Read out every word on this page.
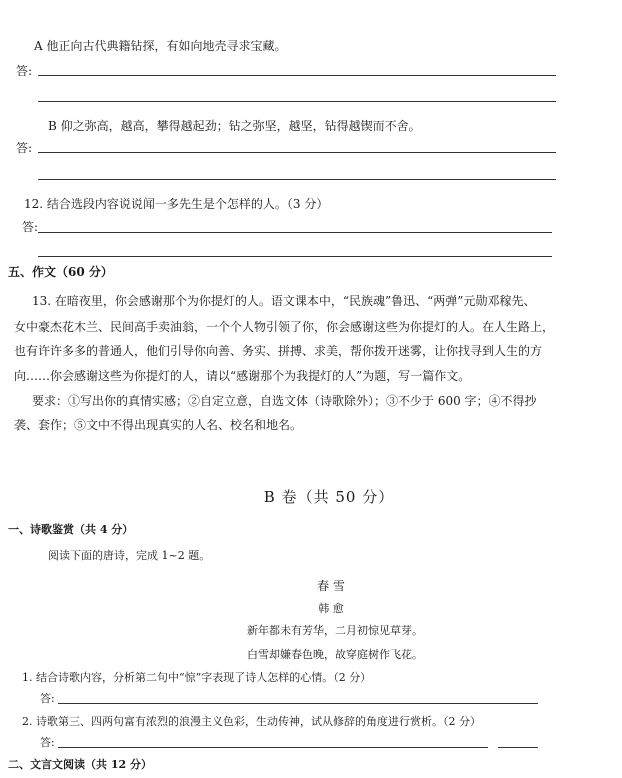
A 他正向古代典籍钻探，有如向地壳寻求宝藏。
答:
B 仰之弥高，越高，攀得越起劲；钻之弥坚，越坚，钻得越锲而不舍。
答:
12. 结合选段内容说说闻一多先生是个怎样的人。（3 分）
答:
五、作文（60 分）
13. 在暗夜里，你会感谢那个为你提灯的人。语文课本中，“民族魂”鲁迅、“两弹”元勋邓稼先、
女中豪杰花木兰、民间高手卖油翁，一个个人物引领了你，你会感谢这些为你提灯的人。在人生路上，
也有许许多多的普通人，他们引导你向善、务实、拼搏、求美，帮你拨开迷雾，让你找寻到人生的方
向……你会感谢这些为你提灯的人，请以“感谢那个为我提灯的人”为题，写一篇作文。
要求：①写出你的真情实感；②自定立意，自选文体（诗歌除外）；③不少于 600 字；④不得抄
袭、套作；⑤文中不得出现真实的人名、校名和地名。
B 卷（共 50 分）
一、诗歌鉴赏（共 4 分）
阅读下面的唐诗，完成 1~2 题。
春 雪
韩 愈
新年都未有芳华，二月初惊见草芽。
白雪却嫌春色晚，故穿庭树作飞花。
1. 结合诗歌内容，分析第二句中“惊”字表现了诗人怎样的心情。（2 分）
答:
2. 诗歌第三、四两句富有浓烈的浪漫主义色彩，生动传神，试从修辞的角度进行赏析。（2 分）
答:
二、文言文阅读（共 12 分）
